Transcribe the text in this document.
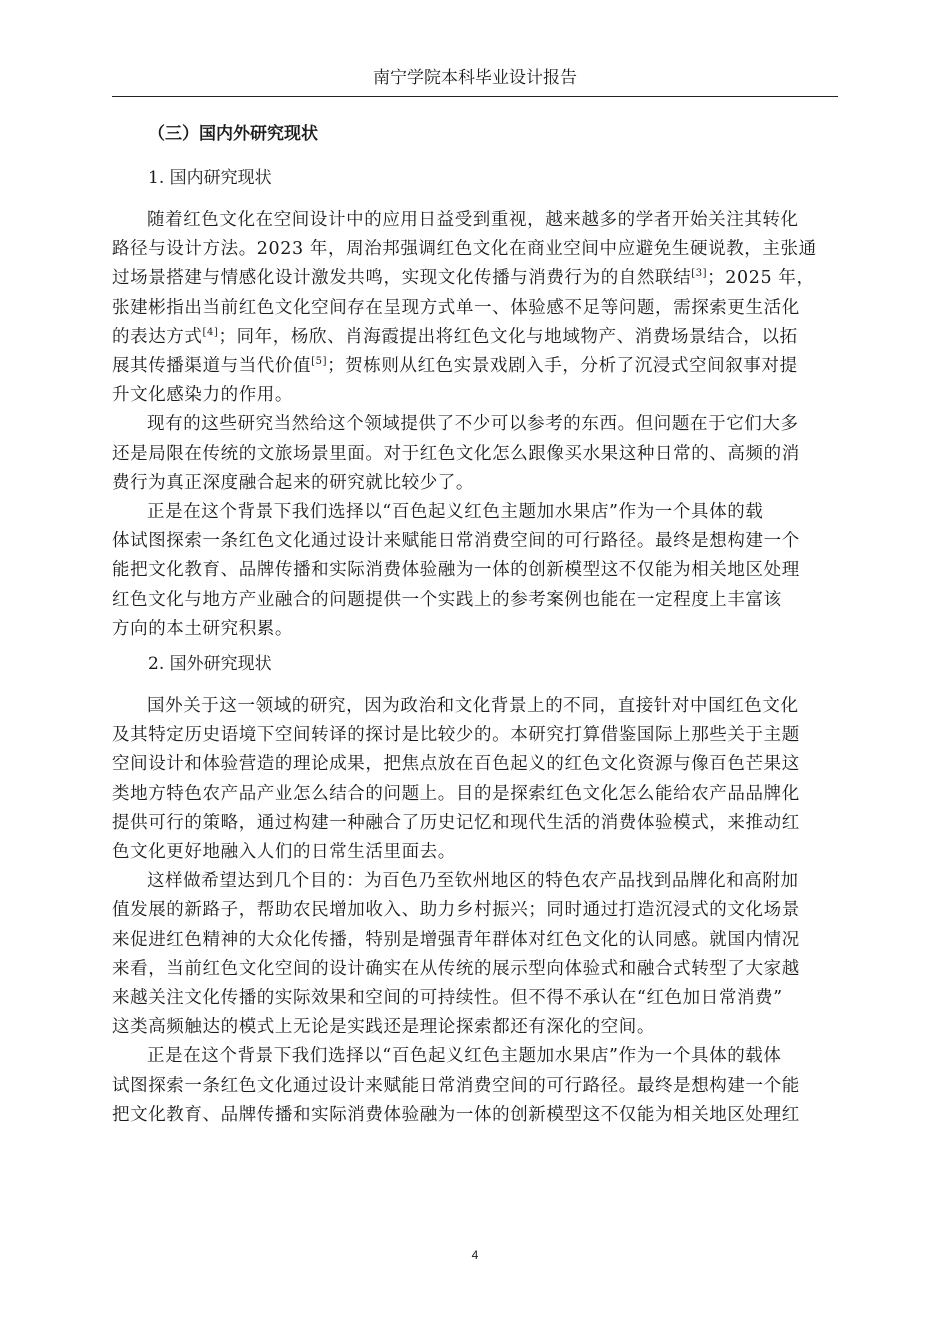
南宁学院本科毕业设计报告
（三）国内外研究现状
1. 国内研究现状

随着红色文化在空间设计中的应用日益受到重视，越来越多的学者开始关注其转化
路径与设计方法。2023 年，周治邦强调红色文化在商业空间中应避免生硬说教，主张通
过场景搭建与情感化设计激发共鸣，实现文化传播与消费行为的自然联结[3]；2025 年，
张建彬指出当前红色文化空间存在呈现方式单一、体验感不足等问题，需探索更生活化
的表达方式[4]；同年，杨欣、肖海霞提出将红色文化与地域物产、消费场景结合，以拓
展其传播渠道与当代价值[5]；贺栋则从红色实景戏剧入手，分析了沉浸式空间叙事对提
升文化感染力的作用。

现有的这些研究当然给这个领域提供了不少可以参考的东西。但问题在于它们大多
还是局限在传统的文旅场景里面。对于红色文化怎么跟像买水果这种日常的、高频的消
费行为真正深度融合起来的研究就比较少了。

正是在这个背景下我们选择以“百色起义红色主题加水果店”作为一个具体的载
体试图探索一条红色文化通过设计来赋能日常消费空间的可行路径。最终是想构建一个
能把文化教育、品牌传播和实际消费体验融为一体的创新模型这不仅能为相关地区处理
红色文化与地方产业融合的问题提供一个实践上的参考案例也能在一定程度上丰富该
方向的本土研究积累。

2. 国外研究现状

国外关于这一领域的研究，因为政治和文化背景上的不同，直接针对中国红色文化
及其特定历史语境下空间转译的探讨是比较少的。本研究打算借鉴国际上那些关于主题
空间设计和体验营造的理论成果，把焦点放在百色起义的红色文化资源与像百色芒果这
类地方特色农产品产业怎么结合的问题上。目的是探索红色文化怎么能给农产品品牌化
提供可行的策略，通过构建一种融合了历史记忆和现代生活的消费体验模式，来推动红
色文化更好地融入人们的日常生活里面去。

这样做希望达到几个目的：为百色乃至钦州地区的特色农产品找到品牌化和高附加
值发展的新路子，帮助农民增加收入、助力乡村振兴；同时通过打造沉浸式的文化场景
来促进红色精神的大众化传播，特别是增强青年群体对红色文化的认同感。就国内情况
来看，当前红色文化空间的设计确实在从传统的展示型向体验式和融合式转型了大家越
来越关注文化传播的实际效果和空间的可持续性。但不得不承认在“红色加日常消费”
这类高频触达的模式上无论是实践还是理论探索都还有深化的空间。

正是在这个背景下我们选择以“百色起义红色主题加水果店”作为一个具体的载体
试图探索一条红色文化通过设计来赋能日常消费空间的可行路径。最终是想构建一个能
把文化教育、品牌传播和实际消费体验融为一体的创新模型这不仅能为相关地区处理红

4
